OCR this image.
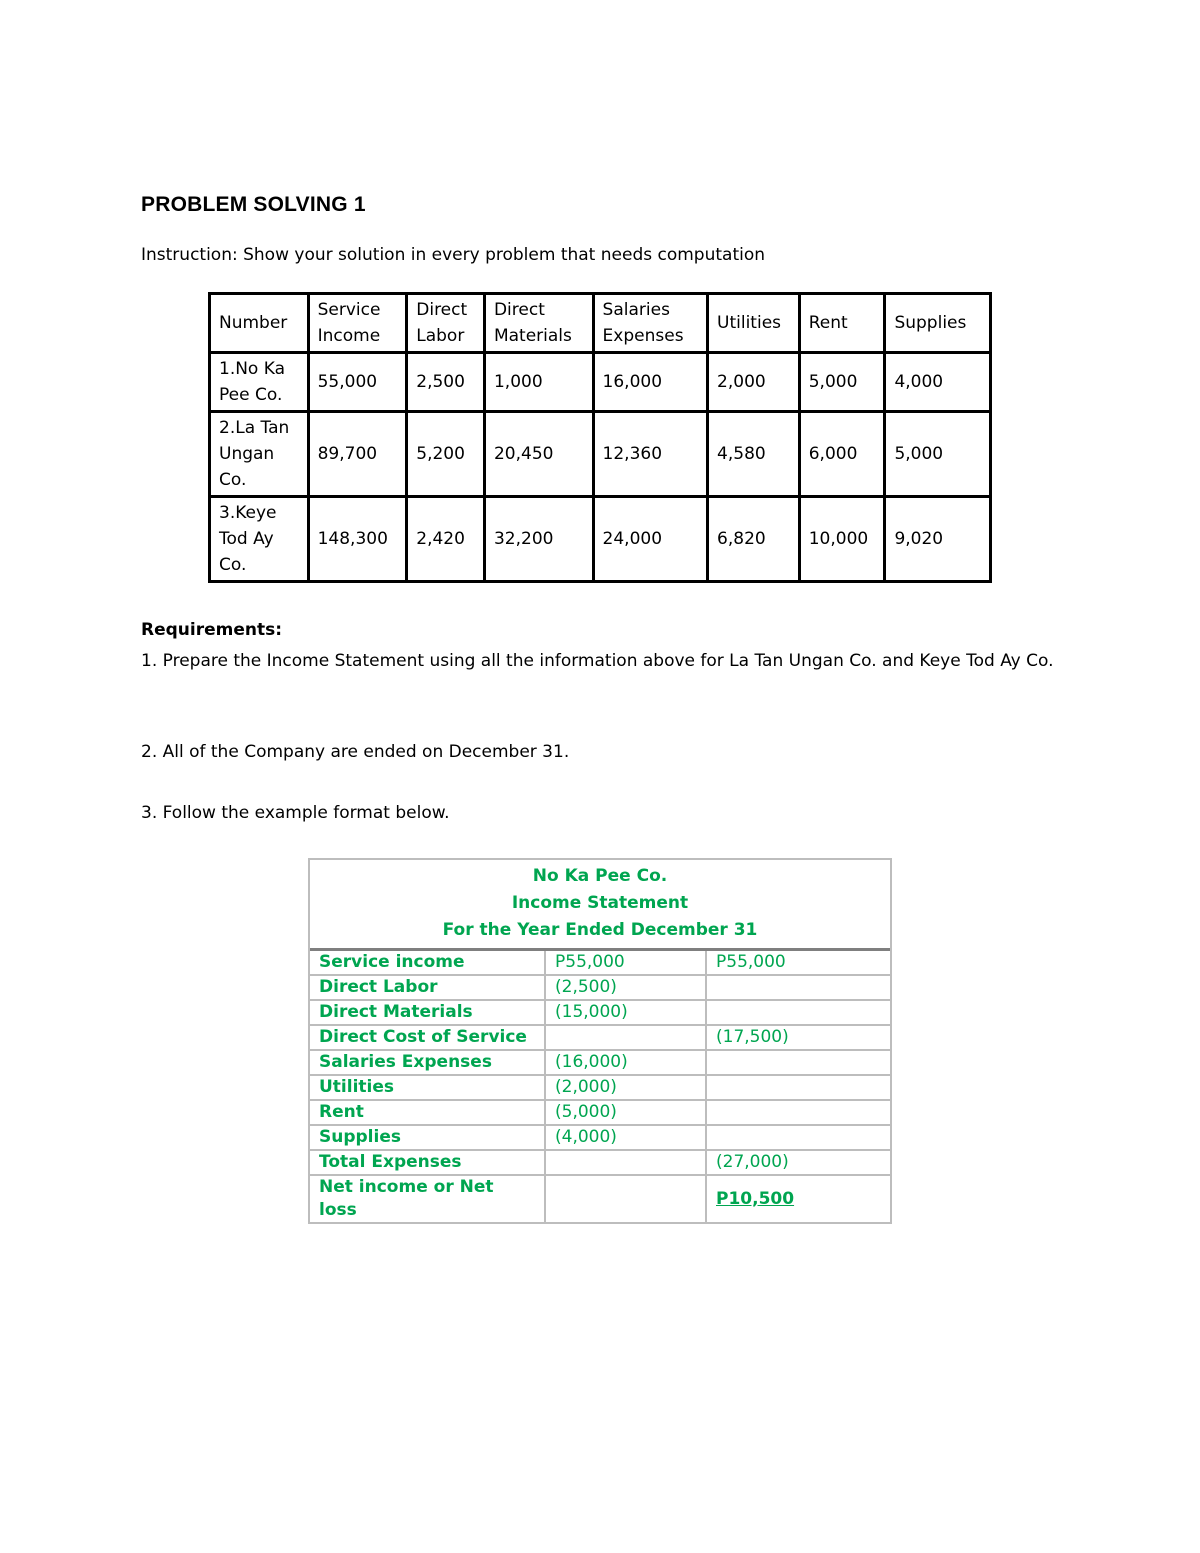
PROBLEM SOLVING 1
Instruction: Show your solution in every problem that needs computation
Number	Service Income	Direct Labor	Direct Materials	Salaries Expenses	Utilities	Rent	Supplies
1.No Ka Pee Co.	55,000	2,500	1,000	16,000	2,000	5,000	4,000
2.La Tan Ungan Co.	89,700	5,200	20,450	12,360	4,580	6,000	5,000
3.Keye Tod Ay Co.	148,300	2,420	32,200	24,000	6,820	10,000	9,020
Requirements:
1. Prepare the Income Statement using all the information above for La Tan Ungan Co. and Keye Tod Ay Co.
2. All of the Company are ended on December 31.
3. Follow the example format below.
No Ka Pee Co.
Income Statement
For the Year Ended December 31
Service income	P55,000	P55,000
Direct Labor	(2,500)	
Direct Materials	(15,000)	
Direct Cost of Service		(17,500)
Salaries Expenses	(16,000)	
Utilities	(2,000)	
Rent	(5,000)	
Supplies	(4,000)	
Total Expenses		(27,000)
Net income or Net loss		P10,500
